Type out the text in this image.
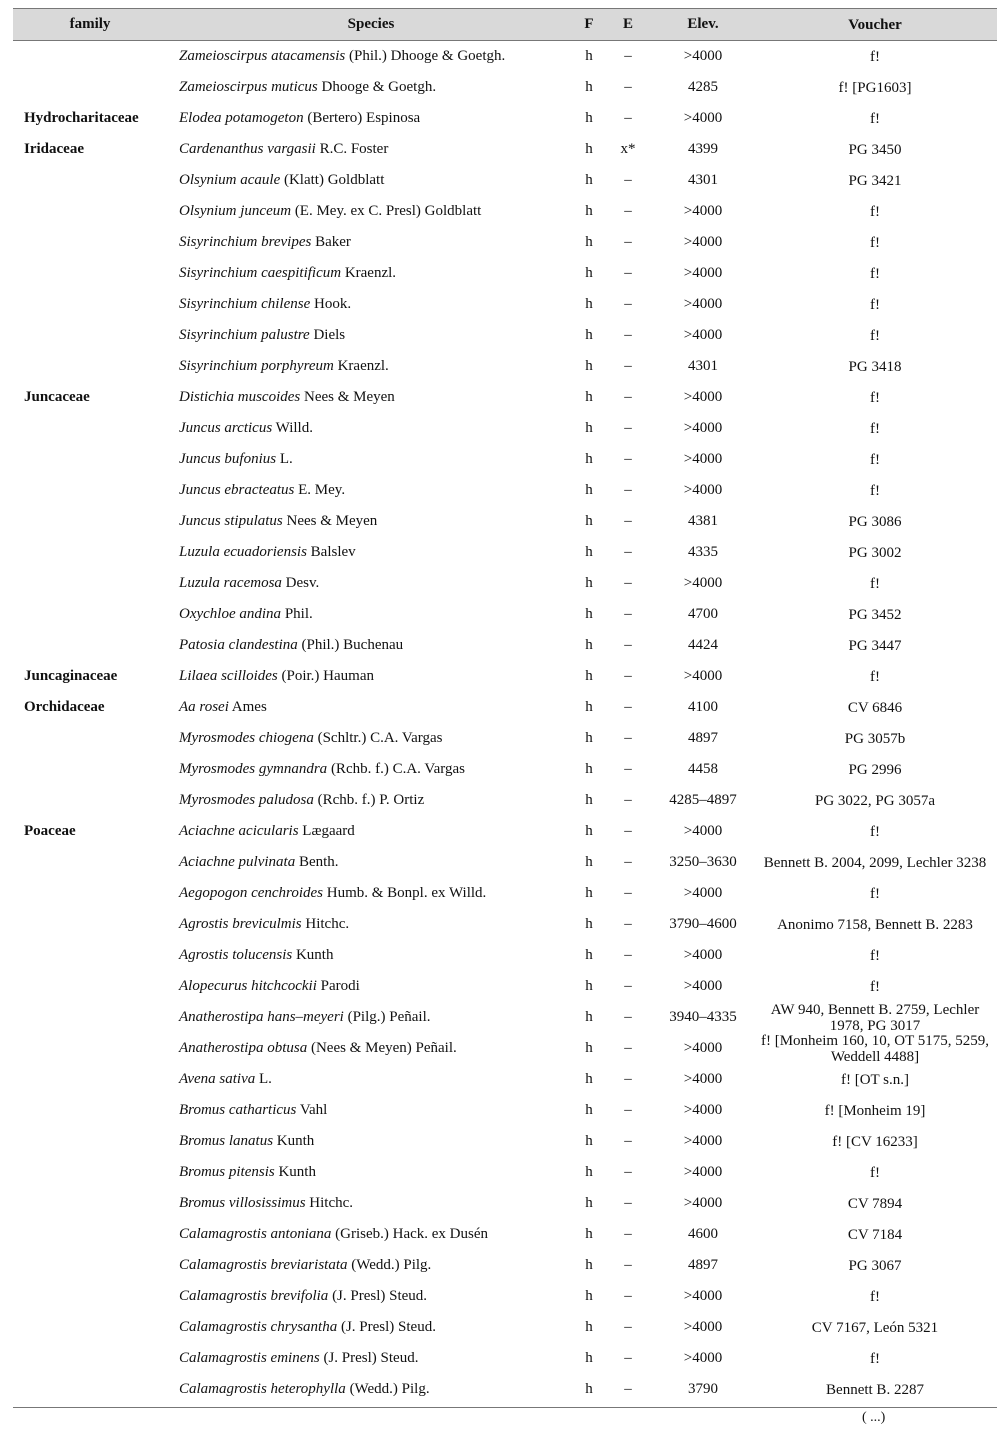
family	Species	F	E	Elev.	Voucher
Zameioscirpus atacamensis (Phil.) Dhooge & Goetgh.	h	–	>4000	f!
Zameioscirpus muticus Dhooge & Goetgh.	h	–	4285	f! [PG1603]
Hydrocharitaceae	Elodea potamogeton (Bertero) Espinosa	h	–	>4000	f!
Iridaceae	Cardenanthus vargasii R.C. Foster	h	x*	4399	PG 3450
Olsynium acaule (Klatt) Goldblatt	h	–	4301	PG 3421
Olsynium junceum (E. Mey. ex C. Presl) Goldblatt	h	–	>4000	f!
Sisyrinchium brevipes Baker	h	–	>4000	f!
Sisyrinchium caespitificum Kraenzl.	h	–	>4000	f!
Sisyrinchium chilense Hook.	h	–	>4000	f!
Sisyrinchium palustre Diels	h	–	>4000	f!
Sisyrinchium porphyreum Kraenzl.	h	–	4301	PG 3418
Juncaceae	Distichia muscoides Nees & Meyen	h	–	>4000	f!
Juncus arcticus Willd.	h	–	>4000	f!
Juncus bufonius L.	h	–	>4000	f!
Juncus ebracteatus E. Mey.	h	–	>4000	f!
Juncus stipulatus Nees & Meyen	h	–	4381	PG 3086
Luzula ecuadoriensis Balslev	h	–	4335	PG 3002
Luzula racemosa Desv.	h	–	>4000	f!
Oxychloe andina Phil.	h	–	4700	PG 3452
Patosia clandestina (Phil.) Buchenau	h	–	4424	PG 3447
Juncaginaceae	Lilaea scilloides (Poir.) Hauman	h	–	>4000	f!
Orchidaceae	Aa rosei Ames	h	–	4100	CV 6846
Myrosmodes chiogena (Schltr.) C.A. Vargas	h	–	4897	PG 3057b
Myrosmodes gymnandra (Rchb. f.) C.A. Vargas	h	–	4458	PG 2996
Myrosmodes paludosa (Rchb. f.) P. Ortiz	h	–	4285–4897	PG 3022, PG 3057a
Poaceae	Aciachne acicularis Lægaard	h	–	>4000	f!
Aciachne pulvinata Benth.	h	–	3250–3630	Bennett B. 2004, 2099, Lechler 3238
Aegopogon cenchroides Humb. & Bonpl. ex Willd.	h	–	>4000	f!
Agrostis breviculmis Hitchc.	h	–	3790–4600	Anonimo 7158, Bennett B. 2283
Agrostis tolucensis Kunth	h	–	>4000	f!
Alopecurus hitchcockii Parodi	h	–	>4000	f!
Anatherostipa hans–meyeri (Pilg.) Peñail.	h	–	3940–4335	AW 940, Bennett B. 2759, Lechler 1978, PG 3017
Anatherostipa obtusa (Nees & Meyen) Peñail.	h	–	>4000	f! [Monheim 160, 10, OT 5175, 5259, Weddell 4488]
Avena sativa L.	h	–	>4000	f! [OT s.n.]
Bromus catharticus Vahl	h	–	>4000	f! [Monheim 19]
Bromus lanatus Kunth	h	–	>4000	f! [CV 16233]
Bromus pitensis Kunth	h	–	>4000	f!
Bromus villosissimus Hitchc.	h	–	>4000	CV 7894
Calamagrostis antoniana (Griseb.) Hack. ex Dusén	h	–	4600	CV 7184
Calamagrostis breviaristata (Wedd.) Pilg.	h	–	4897	PG 3067
Calamagrostis brevifolia (J. Presl) Steud.	h	–	>4000	f!
Calamagrostis chrysantha (J. Presl) Steud.	h	–	>4000	CV 7167, León 5321
Calamagrostis eminens (J. Presl) Steud.	h	–	>4000	f!
Calamagrostis heterophylla (Wedd.) Pilg.	h	–	3790	Bennett B. 2287
( ...)
